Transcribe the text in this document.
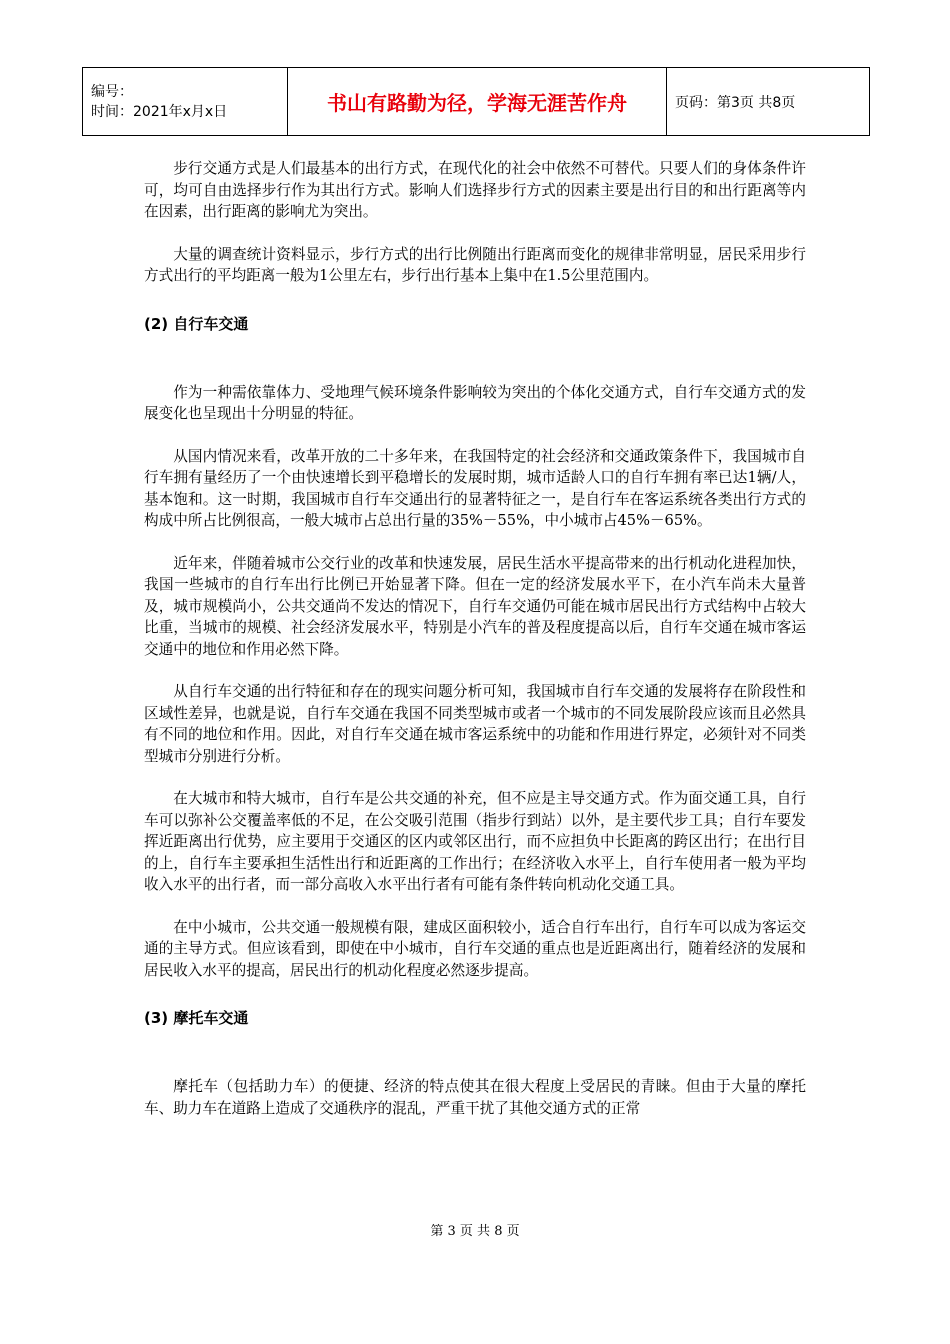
编号：
时间：2021年x月x日	书山有路勤为径，学海无涯苦作舟	页码：第3页 共8页

步行交通方式是人们最基本的出行方式，在现代化的社会中依然不可替代。只要人们的身体条件许可，均可自由选择步行作为其出行方式。影响人们选择步行方式的因素主要是出行目的和出行距离等内在因素，出行距离的影响尤为突出。

大量的调查统计资料显示，步行方式的出行比例随出行距离而变化的规律非常明显，居民采用步行方式出行的平均距离一般为1公里左右，步行出行基本上集中在1.5公里范围内。

(2) 自行车交通

作为一种需依靠体力、受地理气候环境条件影响较为突出的个体化交通方式，自行车交通方式的发展变化也呈现出十分明显的特征。

从国内情况来看，改革开放的二十多年来，在我国特定的社会经济和交通政策条件下，我国城市自行车拥有量经历了一个由快速增长到平稳增长的发展时期，城市适龄人口的自行车拥有率已达1辆/人，基本饱和。这一时期，我国城市自行车交通出行的显著特征之一，是自行车在客运系统各类出行方式的构成中所占比例很高，一般大城市占总出行量的35%－55%，中小城市占45%－65%。

近年来，伴随着城市公交行业的改革和快速发展，居民生活水平提高带来的出行机动化进程加快，我国一些城市的自行车出行比例已开始显著下降。但在一定的经济发展水平下，在小汽车尚未大量普及，城市规模尚小，公共交通尚不发达的情况下，自行车交通仍可能在城市居民出行方式结构中占较大比重，当城市的规模、社会经济发展水平，特别是小汽车的普及程度提高以后，自行车交通在城市客运交通中的地位和作用必然下降。

从自行车交通的出行特征和存在的现实问题分析可知，我国城市自行车交通的发展将存在阶段性和区域性差异，也就是说，自行车交通在我国不同类型城市或者一个城市的不同发展阶段应该而且必然具有不同的地位和作用。因此，对自行车交通在城市客运系统中的功能和作用进行界定，必须针对不同类型城市分别进行分析。

在大城市和特大城市，自行车是公共交通的补充，但不应是主导交通方式。作为面交通工具，自行车可以弥补公交覆盖率低的不足，在公交吸引范围（指步行到站）以外，是主要代步工具；自行车要发挥近距离出行优势，应主要用于交通区的区内或邻区出行，而不应担负中长距离的跨区出行；在出行目的上，自行车主要承担生活性出行和近距离的工作出行；在经济收入水平上，自行车使用者一般为平均收入水平的出行者，而一部分高收入水平出行者有可能有条件转向机动化交通工具。

在中小城市，公共交通一般规模有限，建成区面积较小，适合自行车出行，自行车可以成为客运交通的主导方式。但应该看到，即使在中小城市，自行车交通的重点也是近距离出行，随着经济的发展和居民收入水平的提高，居民出行的机动化程度必然逐步提高。

(3) 摩托车交通

摩托车（包括助力车）的便捷、经济的特点使其在很大程度上受居民的青睐。但由于大量的摩托车、助力车在道路上造成了交通秩序的混乱，严重干扰了其他交通方式的正常

第 3 页 共 8 页
